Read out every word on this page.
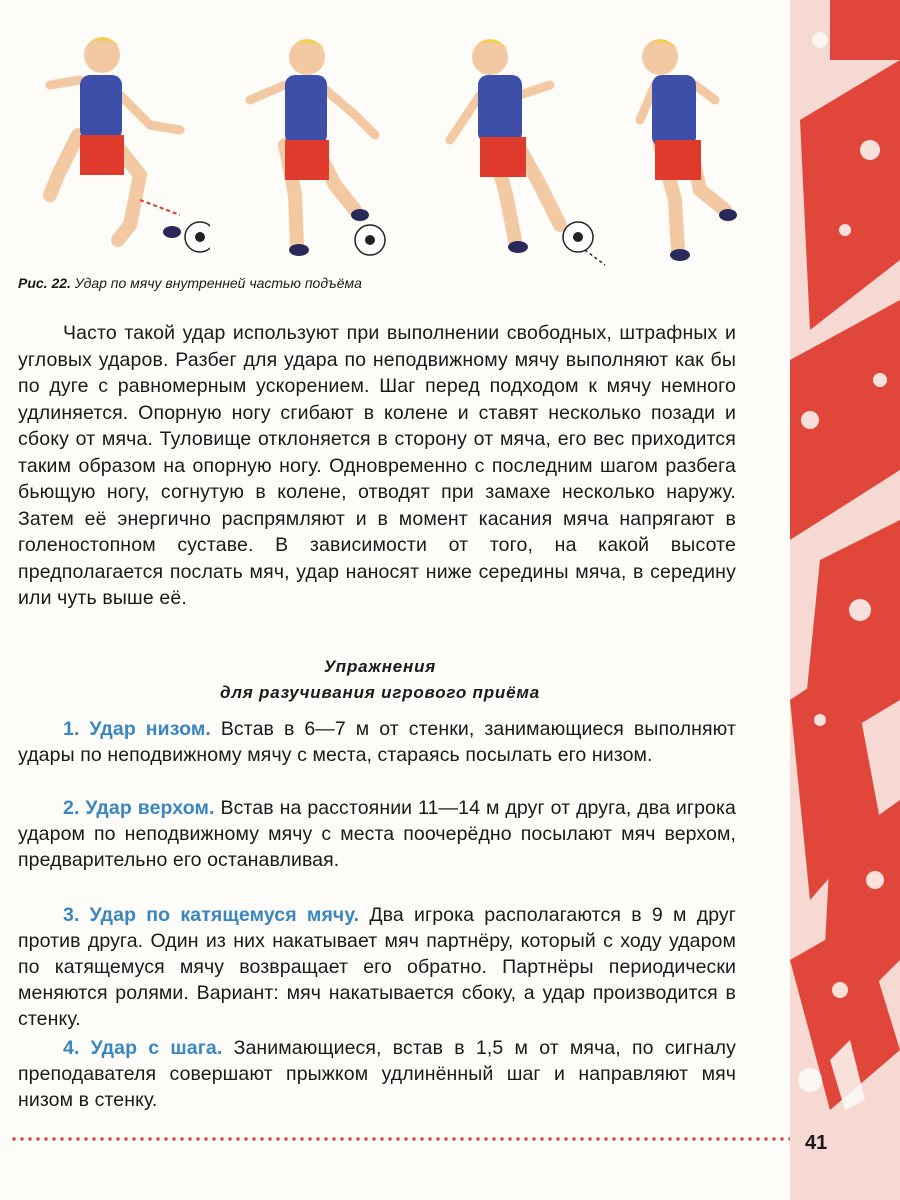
Рис. 22. Удар по мячу внутренней частью подъёма

Часто такой удар используют при выполнении свободных, штрафных и угловых ударов. Разбег для удара по неподвижному мячу выполняют как бы по дуге с равномерным ускорением. Шаг перед подходом к мячу немного удлиняется. Опорную ногу сгибают в колене и ставят несколько позади и сбоку от мяча. Туловище отклоняется в сторону от мяча, его вес приходится таким образом на опорную ногу. Одновременно с последним шагом разбега бьющую ногу, согнутую в колене, отводят при замахе несколько наружу. Затем её энергично распрямляют и в момент касания мяча напрягают в голеностопном суставе. В зависимости от того, на какой высоте предполагается послать мяч, удар наносят ниже середины мяча, в середину или чуть выше её.

Упражнения
для разучивания игрового приёма

1. Удар низом. Встав в 6—7 м от стенки, занимающиеся выполняют удары по неподвижному мячу с места, стараясь посылать его низом.

2. Удар верхом. Встав на расстоянии 11—14 м друг от друга, два игрока ударом по неподвижному мячу с места поочерёдно посылают мяч верхом, предварительно его останавливая.

3. Удар по катящемуся мячу. Два игрока располагаются в 9 м друг против друга. Один из них накатывает мяч партнёру, который с ходу ударом по катящемуся мячу возвращает его обратно. Партнёры периодически меняются ролями. Вариант: мяч накатывается сбоку, а удар производится в стенку.

4. Удар с шага. Занимающиеся, встав в 1,5 м от мяча, по сигналу преподавателя совершают прыжком удлинённый шаг и направляют мяч низом в стенку.

41
